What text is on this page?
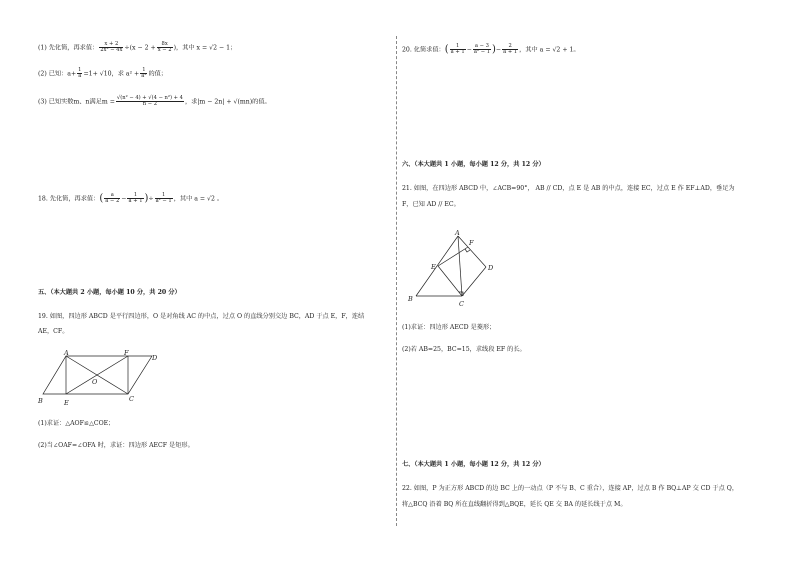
(1) 先化简，再求值： $\frac{x + 2}{\text{2x² − 4x}} \div(x - 2 + \frac{8x}{x - 2}$ )，其中 x = √2 − 1；
(2) 已知：$a+ \frac{1}{a} =1+ √10$，求 $a^2 + \frac{1}{\text{a²}}$ 的值；
(3) 已知实数m、n满足$m = \frac{\text{√(n² − 4) + √(4 − n²) + 4}}{n - 2}$ ，求|m − 2n| + √(mn)的值。
18. 先化简，再求值：( $\frac{a}{a - 2} - \frac{1}{a + 1}$ )÷ $\frac{1}{\text{a² − 1}}$ ，其中 a = √2 。
五、（本大题共 2 小题，每小题 10 分，共 20 分）
19. 如图，四边形 ABCD 是平行四边形，O 是对角线 AC 的中点，过点 O 的直线分别交边 BC，AD 于点 E，F，连结
AE，CF。
A	F
D
O
B	E	C
(1)求证：△AOF≌△COE；
(2)当∠OAF=∠OFA 时，求证：四边形 AECF 是矩形。
20. 化简求值：( $\frac{1}{a + 1} - \frac{a - 3}{\text{a² − 1}}$ )− $\frac{2}{a + 1}$ ，其中 a = √2 + 1。
六、（本大题共 1 小题，每小题 12 分，共 12 分）
21. 如图，在四边形 ABCD 中，∠ACB=90°， AB // CD，点 E 是 AB 的中点，连接 EC，过点 E 作 EF⊥AD，垂足为
F，已知 AD // EC。
A
F
E	D
B
C
(1)求证：四边形 AECD 是菱形；
(2)若 AB=25，BC=15，求线段 EF 的长。
七、（本大题共 1 小题，每小题 12 分，共 12 分）
22. 如图，P 为正方形 ABCD 的边 BC 上的一动点（P 不与 B、C 重合），连接 AP，过点 B 作 BQ⊥AP 交 CD 于点 Q，
将△BCQ 沿着 BQ 所在直线翻折得到△BQE，延长 QE 交 BA 的延长线于点 M。
